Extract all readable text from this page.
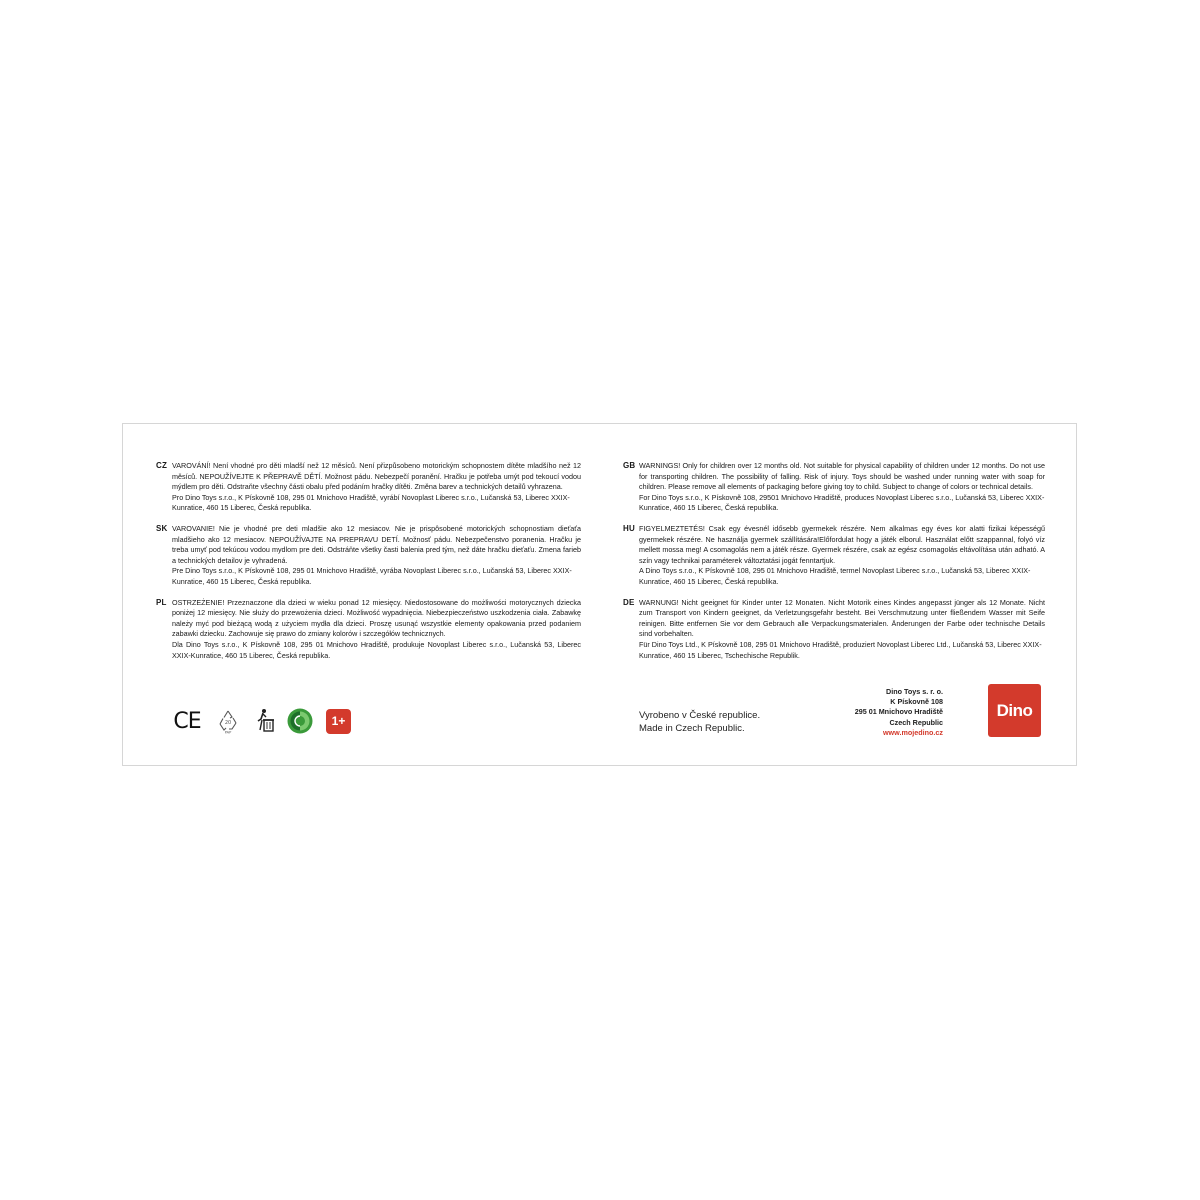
CZ VAROVÁNÍ! Není vhodné pro děti mladší než 12 měsíců. Není přizpůsobeno motorickým schopnostem dítěte mladšího než 12 měsíců. NEPOUŽÍVEJTE K PŘEPRAVĚ DĚTÍ. Možnost pádu. Nebezpečí poranění. Hračku je potřeba umýt pod tekoucí vodou mýdlem pro děti. Odstraňte všechny části obalu před podáním hračky dítěti. Změna barev a technických detailů vyhrazena.

Pro Dino Toys s.r.o., K Pískovně 108, 295 01 Mnichovo Hradiště, vyrábí Novoplast Liberec s.r.o., Lučanská 53, Liberec XXIX-Kunratice, 460 15 Liberec, Česká republika.

SK VAROVANIE! Nie je vhodné pre deti mladšie ako 12 mesiacov. Nie je prispôsobené motorických schopnostiam dieťaťa mladšieho ako 12 mesiacov. NEPOUŽÍVAJTE NA PREPRAVU DETÍ. Možnosť pádu. Nebezpečenstvo poranenia. Hračku je treba umyť pod tekúcou vodou mydlom pre deti. Odstráňte všetky časti balenia pred tým, než dáte hračku dieťaťu. Zmena farieb a technických detailov je vyhradená.

Pre Dino Toys s.r.o., K Pískovně 108, 295 01 Mnichovo Hradiště, vyrába Novoplast Liberec s.r.o., Lučanská 53, Liberec XXIX-Kunratice, 460 15 Liberec, Česká republika.

PL OSTRZEŻENIE! Przeznaczone dla dzieci w wieku ponad 12 miesięcy. Niedostosowane do możliwości motorycznych dziecka poniżej 12 miesięcy. Nie służy do przewożenia dzieci. Możliwość wypadnięcia. Niebezpieczeństwo uszkodzenia ciała. Zabawkę należy myć pod bieżącą wodą z użyciem mydła dla dzieci. Proszę usunąć wszystkie elementy opakowania przed podaniem zabawki dziecku. Zachowuje się prawo do zmiany kolorów i szczegółów technicznych.

Dla Dino Toys s.r.o., K Pískovně 108, 295 01 Mnichovo Hradiště, produkuje Novoplast Liberec s.r.o., Lučanská 53, Liberec XXIX-Kunratice, 460 15 Liberec, Česká republika.

GB WARNINGS! Only for children over 12 months old. Not suitable for physical capability of children under 12 months. Do not use for transporting children. The possibility of falling. Risk of injury. Toys should be washed under running water with soap for children. Please remove all elements of packaging before giving toy to child. Subject to change of colors or technical details.

For Dino Toys s.r.o., K Pískovně 108, 29501 Mnichovo Hradiště, produces Novoplast Liberec s.r.o., Lučanská 53, Liberec XXIX-Kunratice, 460 15 Liberec, Česká republika.

HU FIGYELMEZTETÉS! Csak egy évesnél idősebb gyermekek részére. Nem alkalmas egy éves kor alatti fizikai képességű gyermekek részére. Ne használja gyermek szállítására!Előfordulat hogy a játék elborul. Használat előtt szappannal, folyó víz mellett mossa meg! A csomagolás nem a játék része. Gyermek részére, csak az egész csomagolás eltávolítása után adható. A szín vagy technikai paraméterek változtatási jogát fenntartjuk.

A Dino Toys s.r.o., K Pískovně 108, 295 01 Mnichovo Hradiště, termel Novoplast Liberec s.r.o., Lučanská 53, Liberec XXIX-Kunratice, 460 15 Liberec, Česká republika.

DE WARNUNG! Nicht geeignet für Kinder unter 12 Monaten. Nicht Motorik eines Kindes angepasst jünger als 12 Monate. Nicht zum Transport von Kindern geeignet, da Verletzungsgefahr besteht. Bei Verschmutzung unter fließendem Wasser mit Seife reinigen. Bitte entfernen Sie vor dem Gebrauch alle Verpackungsmaterialen. Änderungen der Farbe oder technische Details sind vorbehalten.

Für Dino Toys Ltd., K Pískovně 108, 295 01 Mnichovo Hradiště, produziert Novoplast Liberec Ltd., Lučanská 53, Liberec XXIX-Kunratice, 460 15 Liberec, Tschechische Republik.

CE	20
PAP
1+	Vyrobeno v České republice.
Made in Czech Republic.
Dino Toys s. r. o.
K Pískovně 108
295 01 Mnichovo Hradiště
Czech Republic
www.mojedino.cz
Dino
